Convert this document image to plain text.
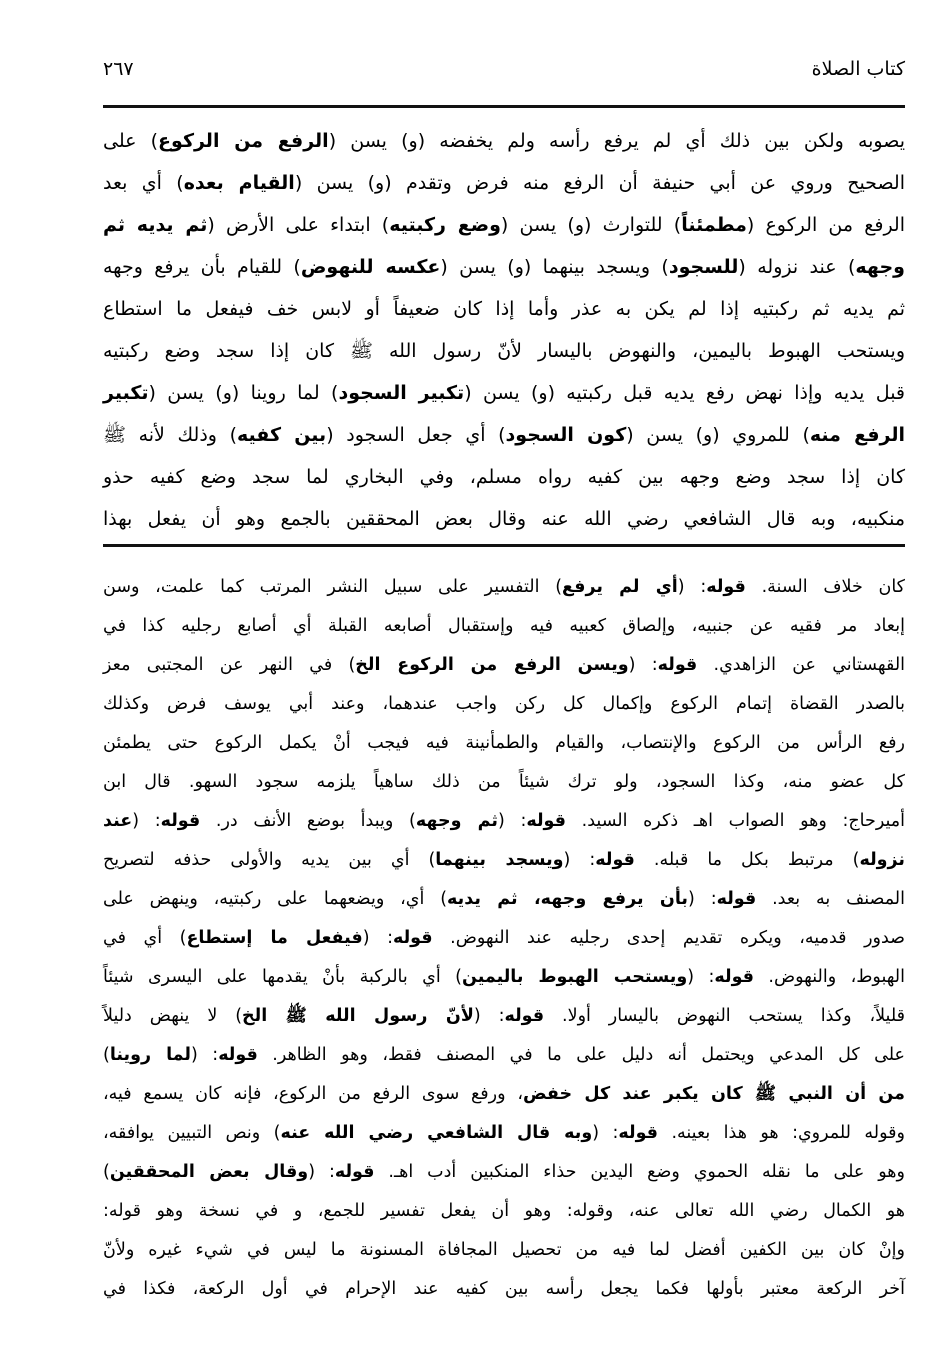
كتاب الصلاة
٢٦٧
يصوبه ولكن بين ذلك أي لم يرفع رأسه ولم يخفضه (و) يسن (الرفع من الركوع) على
الصحيح وروي عن أبي حنيفة أن الرفع منه فرض وتقدم (و) يسن (القيام بعده) أي بعد
الرفع من الركوع (مطمئناً) للتوارث (و) يسن (وضع ركبتيه) ابتداء على الأرض (ثم يديه ثم
وجهه) عند نزوله (للسجود) ويسجد بينهما (و) يسن (عكسه للنهوض) للقيام بأن يرفع وجهه
ثم يديه ثم ركبتيه إذا لم يكن به عذر وأما إذا كان ضعيفاً أو لابس خف فيفعل ما استطاع
ويستحب الهبوط باليمين، والنهوض باليسار لأنّ رسول الله ﷺ كان إذا سجد وضع ركبتيه
قبل يديه وإذا نهض رفع يديه قبل ركبتيه (و) يسن (تكبير السجود) لما روينا (و) يسن (تكبير
الرفع منه) للمروي (و) يسن (كون السجود) أي جعل السجود (بين كفيه) وذلك لأنه ﷺ
كان إذا سجد وضع وجهه بين كفيه رواه مسلم، وفي البخاري لما سجد وضع كفيه حذو
منكبيه، وبه قال الشافعي رضي الله عنه وقال بعض المحققين بالجمع وهو أن يفعل بهذا
كان خلاف السنة. قوله: (أي لم يرفع) التفسير على سبيل النشر المرتب كما علمت، وسن
إبعاد مر فقيه عن جنبيه، وإلصاق كعبيه فيه وإستقبال أصابعه القبلة أي أصابع رجليه كذا في
القهستاني عن الزاهدي. قوله: (ويسن الرفع من الركوع الخ) في النهر عن المجتبى معز
بالصدر القضاة إتمام الركوع وإكمال كل ركن واجب عندهما، وعند أبي يوسف فرض وكذلك
رفع الرأس من الركوع والإنتصاب، والقيام والطمأنينة فيه فيجب أنْ يكمل الركوع حتى يطمئن
كل عضو منه، وكذا السجود، ولو ترك شيئاً من ذلك ساهياً يلزمه سجود السهو. قال ابن
أميرحاج: وهو الصواب اهـ ذكره السيد. قوله: (ثم وجهه) ويبدأ بوضع الأنف در. قوله: (عند
نزوله) مرتبط بكل ما قبله. قوله: (ويسجد بينهما) أي بين يديه والأولى حذفه لتصريح
المصنف به بعد. قوله: (بأن يرفع وجهه، ثم يديه) أي، ويضعهما على ركبتيه، وينهض على
صدور قدميه، ويكره تقديم إحدى رجليه عند النهوض. قوله: (فيفعل ما إستطاع) أي في
الهبوط، والنهوض. قوله: (ويستحب الهبوط باليمين) أي بالركبة بأنْ يقدمها على اليسرى شيئاً
قليلاً، وكذا يستحب النهوض باليسار أولا. قوله: (لأنّ رسول الله ﷺ الخ) لا ينهض دليلاً
على كل المدعي ويحتمل أنه دليل على ما في المصنف فقط، وهو الظاهر. قوله: (لما روينا)
من أن النبي ﷺ كان يكبر عند كل خفض، ورفع سوى الرفع من الركوع، فإنه كان يسمع فيه،
وقوله للمروي: هو هذا بعينه. قوله: (وبه قال الشافعي رضي الله عنه) ونص التبيين يوافقه،
وهو على ما نقله الحموي وضع اليدين حذاء المنكبين أدب اهـ. قوله: (وقال بعض المحققين)
هو الكمال رضي الله تعالى عنه، وقوله: وهو أن يفعل تفسير للجمع، و في نسخة وهو قوله:
وإنْ كان بين الكفين أفضل لما فيه من تحصيل المجافاة المسنونة ما ليس في شيء غيره ولأنّ
آخر الركعة معتبر بأولها فكما يجعل رأسه بين كفيه عند الإحرام في أول الركعة، فكذا في
